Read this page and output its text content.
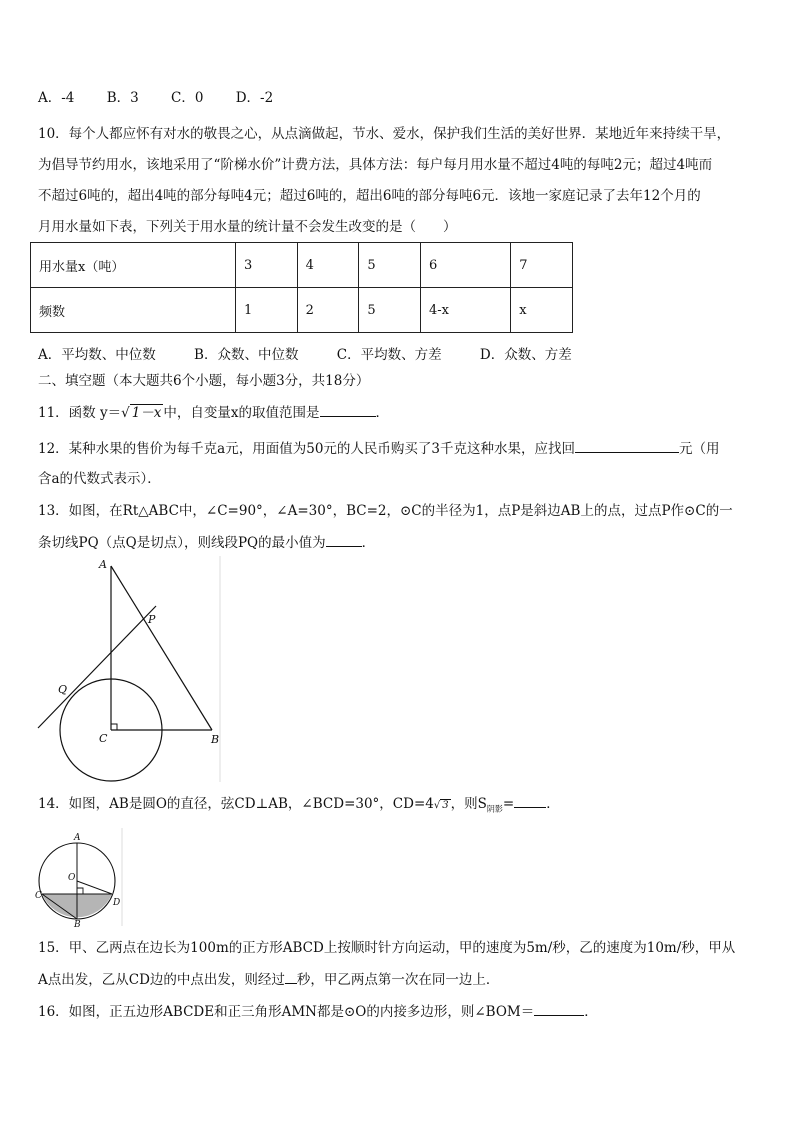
A．-4 B．3 C．0 D．-2
10．每个人都应怀有对水的敬畏之心，从点滴做起，节水、爱水，保护我们生活的美好世界．某地近年来持续干旱，
为倡导节约用水，该地采用了“阶梯水价”计费方法，具体方法：每户每月用水量不超过4吨的每吨2元；超过4吨而
不超过6吨的，超出4吨的部分每吨4元；超过6吨的，超出6吨的部分每吨6元．该地一家庭记录了去年12个月的
月用水量如下表，下列关于用水量的统计量不会发生改变的是（　　）
用水量x（吨）	3	4	5	6	7
频数	1	2	5	4-x	x
A．平均数、中位数	B．众数、中位数	C．平均数、方差	D．众数、方差
二、填空题（本大题共6个小题，每小题3分，共18分）
11．函数 y＝√ 1－x 中，自变量x的取值范围是	．
12．某种水果的售价为每千克a元，用面值为50元的人民币购买了3千克这种水果，应找回	元（用
含a的代数式表示）．
13．如图，在Rt△ABC中，∠C=90°，∠A=30°，BC=2，⊙C的半径为1，点P是斜边AB上的点，过点P作⊙C的一
条切线PQ（点Q是切点），则线段PQ的最小值为	．
A
P
Q
C	B
14．如图，AB是圆O的直径，弦CD⊥AB，∠BCD=30°，CD=4√ 3 ，则$S_{阴影}=$ ．
A
O
C
D
B
15．甲、乙两点在边长为100m的正方形ABCD上按顺时针方向运动，甲的速度为5m/秒，乙的速度为10m/秒，甲从
A点出发，乙从CD边的中点出发，则经过 秒，甲乙两点第一次在同一边上．
16．如图，正五边形ABCDE和正三角形AMN都是⊙O的内接多边形，则∠BOM＝	．
